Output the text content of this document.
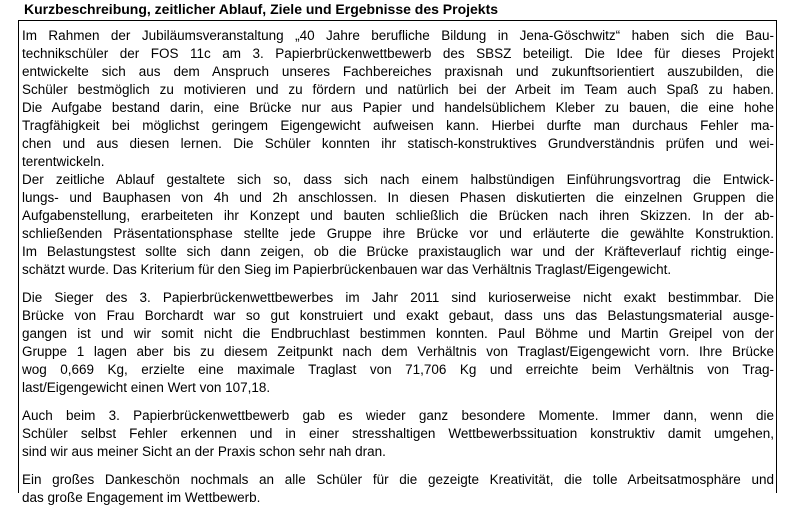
Kurzbeschreibung, zeitlicher Ablauf, Ziele und Ergebnisse des Projekts
Im Rahmen der Jubiläumsveranstaltung „40 Jahre berufliche Bildung in Jena-Göschwitz“ haben sich die Bau-
technikschüler der FOS 11c am 3. Papierbrückenwettbewerb des SBSZ beteiligt. Die Idee für dieses Projekt
entwickelte sich aus dem Anspruch unseres Fachbereiches praxisnah und zukunftsorientiert auszubilden, die
Schüler bestmöglich zu motivieren und zu fördern und natürlich bei der Arbeit im Team auch Spaß zu haben.
Die Aufgabe bestand darin, eine Brücke nur aus Papier und handelsüblichem Kleber zu bauen, die eine hohe
Tragfähigkeit bei möglichst geringem Eigengewicht aufweisen kann. Hierbei durfte man durchaus Fehler ma-
chen und aus diesen lernen. Die Schüler konnten ihr statisch-konstruktives Grundverständnis prüfen und wei-
terentwickeln.
Der zeitliche Ablauf gestaltete sich so, dass sich nach einem halbstündigen Einführungsvortrag die Entwick-
lungs- und Bauphasen von 4h und 2h anschlossen. In diesen Phasen diskutierten die einzelnen Gruppen die
Aufgabenstellung, erarbeiteten ihr Konzept und bauten schließlich die Brücken nach ihren Skizzen. In der ab-
schließenden Präsentationsphase stellte jede Gruppe ihre Brücke vor und erläuterte die gewählte Konstruktion.
Im Belastungstest sollte sich dann zeigen, ob die Brücke praxistauglich war und der Kräfteverlauf richtig einge-
schätzt wurde. Das Kriterium für den Sieg im Papierbrückenbauen war das Verhältnis Traglast/Eigengewicht.
Die Sieger des 3. Papierbrückenwettbewerbes im Jahr 2011 sind kurioserweise nicht exakt bestimmbar. Die
Brücke von Frau Borchardt war so gut konstruiert und exakt gebaut, dass uns das Belastungsmaterial ausge-
gangen ist und wir somit nicht die Endbruchlast bestimmen konnten. Paul Böhme und Martin Greipel von der
Gruppe 1 lagen aber bis zu diesem Zeitpunkt nach dem Verhältnis von Traglast/Eigengewicht vorn. Ihre Brücke
wog 0,669 Kg, erzielte eine maximale Traglast von 71,706 Kg und erreichte beim Verhältnis von Trag-
last/Eigengewicht einen Wert von 107,18.
Auch beim 3. Papierbrückenwettbewerb gab es wieder ganz besondere Momente. Immer dann, wenn die
Schüler selbst Fehler erkennen und in einer stresshaltigen Wettbewerbssituation konstruktiv damit umgehen,
sind wir aus meiner Sicht an der Praxis schon sehr nah dran.
Ein großes Dankeschön nochmals an alle Schüler für die gezeigte Kreativität, die tolle Arbeitsatmosphäre und
das große Engagement im Wettbewerb.
